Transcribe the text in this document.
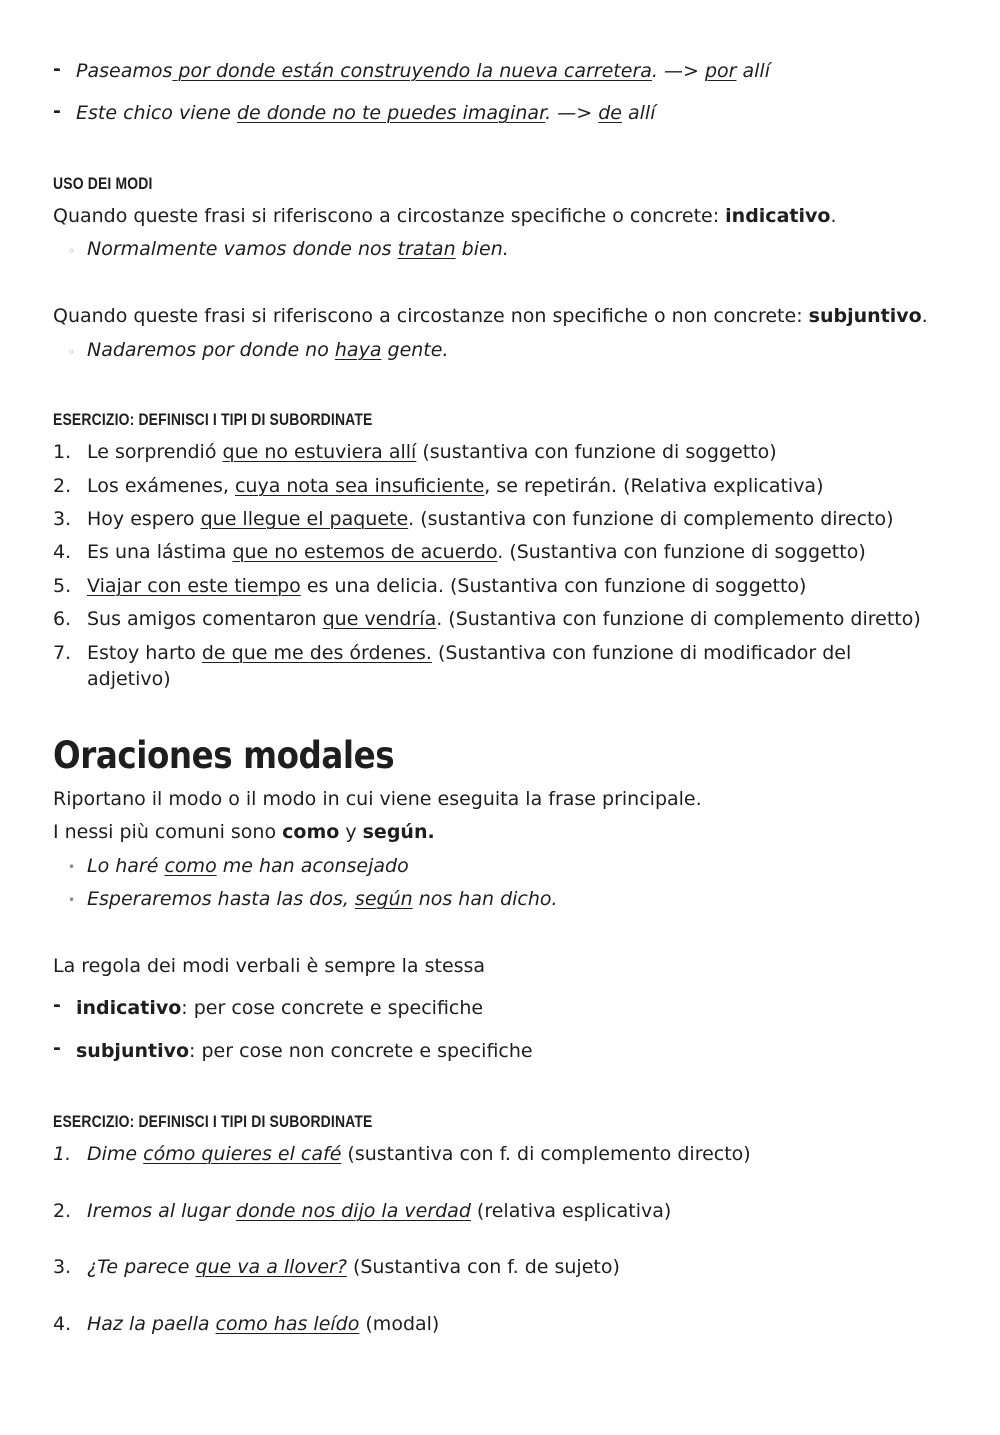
- Paseamos por donde están construyendo la nueva carretera. —> por allí
- Este chico viene de donde no te puedes imaginar. —> de allí
USO DEI MODI
Quando queste frasi si riferiscono a circostanze specifiche o concrete: indicativo.
◦ Normalmente vamos donde nos tratan bien.
Quando queste frasi si riferiscono a circostanze non specifiche o non concrete: subjuntivo.
◦ Nadaremos por donde no haya gente.
ESERCIZIO: DEFINISCI I TIPI DI SUBORDINATE
1. Le sorprendió que no estuviera allí (sustantiva con funzione di soggetto)
2. Los exámenes, cuya nota sea insuficiente, se repetirán. (Relativa explicativa)
3. Hoy espero que llegue el paquete. (sustantiva con funzione di complemento directo)
4. Es una lástima que no estemos de acuerdo. (Sustantiva con funzione di soggetto)
5. Viajar con este tiempo es una delicia. (Sustantiva con funzione di soggetto)
6. Sus amigos comentaron que vendría. (Sustantiva con funzione di complemento diretto)
7. Estoy harto de que me des órdenes. (Sustantiva con funzione di modificador del
adjetivo)
Oraciones modales
Riportano il modo o il modo in cui viene eseguita la frase principale.
I nessi più comuni sono como y según.
• Lo haré como me han aconsejado
• Esperaremos hasta las dos, según nos han dicho.
La regola dei modi verbali è sempre la stessa
- indicativo: per cose concrete e specifiche
- subjuntivo: per cose non concrete e specifiche
ESERCIZIO: DEFINISCI I TIPI DI SUBORDINATE
1. Dime cómo quieres el café (sustantiva con f. di complemento directo)
2. Iremos al lugar donde nos dijo la verdad (relativa esplicativa)
3. ¿Te parece que va a llover? (Sustantiva con f. de sujeto)
4. Haz la paella como has leído (modal)
